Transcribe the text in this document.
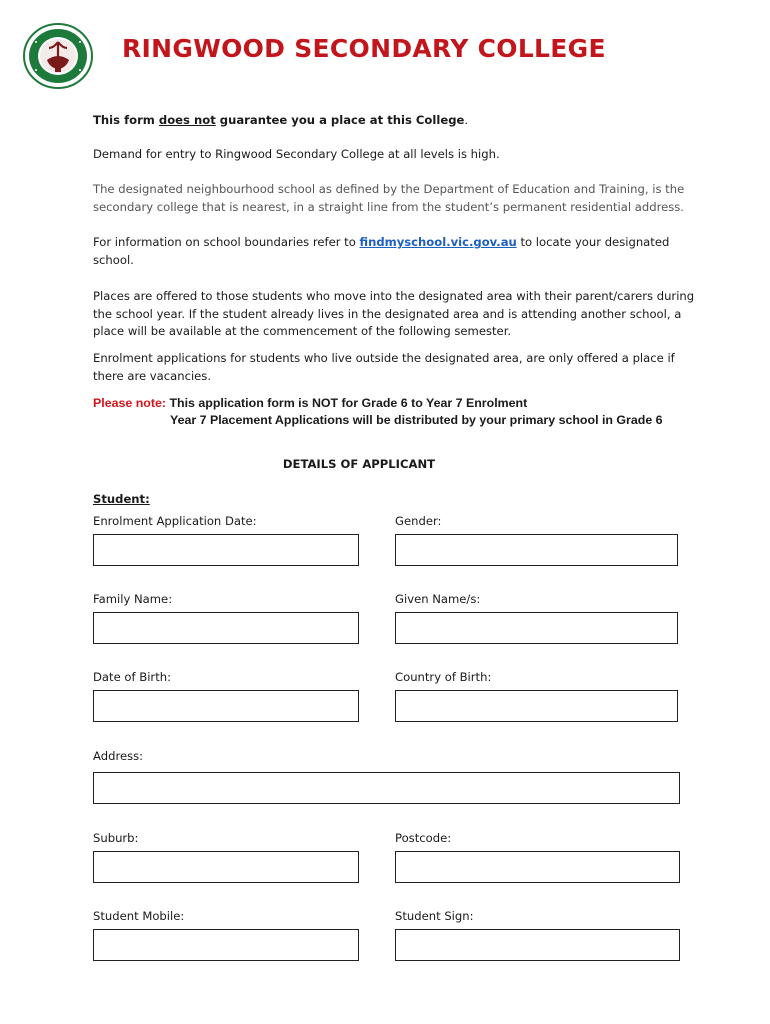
RINGWOOD SECONDARY COLLEGE
This form does not guarantee you a place at this College.
Demand for entry to Ringwood Secondary College at all levels is high.
The designated neighbourhood school as defined by the Department of Education and Training, is the secondary college that is nearest, in a straight line from the student’s permanent residential address.
For information on school boundaries refer to findmyschool.vic.gov.au to locate your designated school.
Places are offered to those students who move into the designated area with their parent/carers during the school year. If the student already lives in the designated area and is attending another school, a place will be available at the commencement of the following semester.
Enrolment applications for students who live outside the designated area, are only offered a place if there are vacancies.
Please note: This application form is NOT for Grade 6 to Year 7 Enrolment
Year 7 Placement Applications will be distributed by your primary school in Grade 6
DETAILS OF APPLICANT
Student:
Enrolment Application Date:	Gender:
Family Name:	Given Name/s:
Date of Birth:	Country of Birth:
Address:
Suburb:	Postcode:
Student Mobile:	Student Sign:
